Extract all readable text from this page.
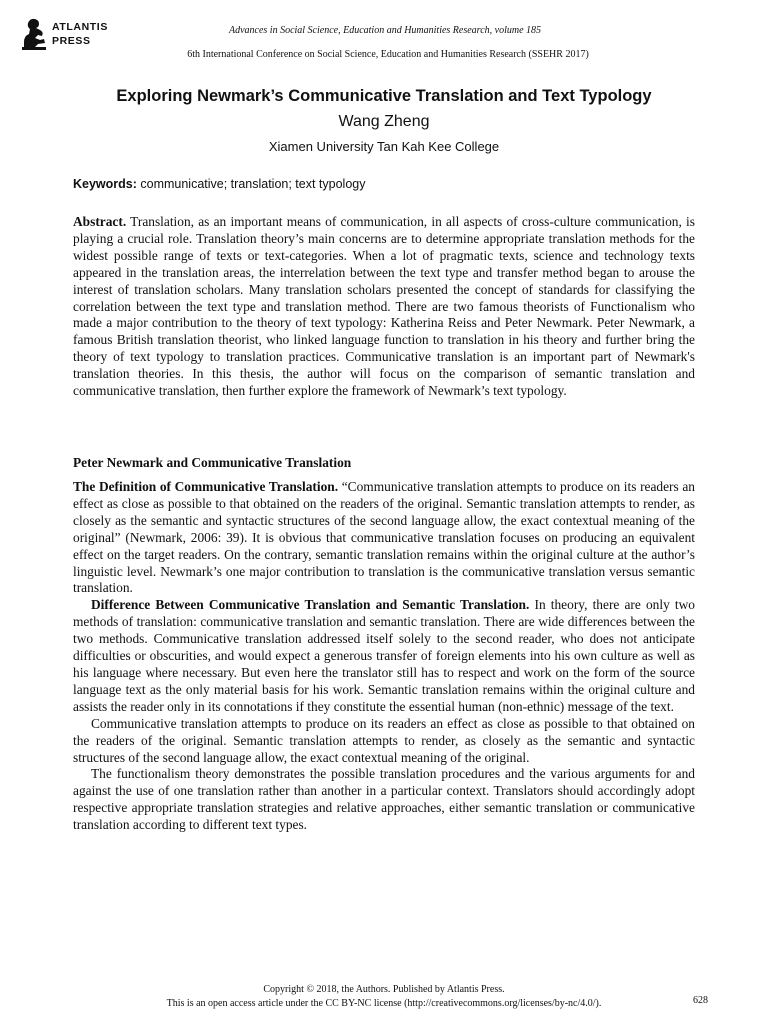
ATLANTIS PRESS
Advances in Social Science, Education and Humanities Research, volume 185
6th International Conference on Social Science, Education and Humanities Research (SSEHR 2017)
Exploring Newmark’s Communicative Translation and Text Typology
Wang Zheng
Xiamen University Tan Kah Kee College
Keywords: communicative; translation; text typology
Abstract. Translation, as an important means of communication, in all aspects of cross-culture communication, is playing a crucial role. Translation theory’s main concerns are to determine appropriate translation methods for the widest possible range of texts or text-categories. When a lot of pragmatic texts, science and technology texts appeared in the translation areas, the interrelation between the text type and transfer method began to arouse the interest of translation scholars. Many translation scholars presented the concept of standards for classifying the correlation between the text type and translation method. There are two famous theorists of Functionalism who made a major contribution to the theory of text typology: Katherina Reiss and Peter Newmark. Peter Newmark, a famous British translation theorist, who linked language function to translation in his theory and further bring the theory of text typology to translation practices. Communicative translation is an important part of Newmark's translation theories. In this thesis, the author will focus on the comparison of semantic translation and communicative translation, then further explore the framework of Newmark’s text typology.
Peter Newmark and Communicative Translation

The Definition of Communicative Translation. “Communicative translation attempts to produce on its readers an effect as close as possible to that obtained on the readers of the original. Semantic translation attempts to render, as closely as the semantic and syntactic structures of the second language allow, the exact contextual meaning of the original” (Newmark, 2006: 39). It is obvious that communicative translation focuses on producing an equivalent effect on the target readers. On the contrary, semantic translation remains within the original culture at the author’s linguistic level. Newmark’s one major contribution to translation is the communicative translation versus semantic translation.

Difference Between Communicative Translation and Semantic Translation. In theory, there are only two methods of translation: communicative translation and semantic translation. There are wide differences between the two methods. Communicative translation addressed itself solely to the second reader, who does not anticipate difficulties or obscurities, and would expect a generous transfer of foreign elements into his own culture as well as his language where necessary. But even here the translator still has to respect and work on the form of the source language text as the only material basis for his work. Semantic translation remains within the original culture and assists the reader only in its connotations if they constitute the essential human (non-ethnic) message of the text.

Communicative translation attempts to produce on its readers an effect as close as possible to that obtained on the readers of the original. Semantic translation attempts to render, as closely as the semantic and syntactic structures of the second language allow, the exact contextual meaning of the original.

The functionalism theory demonstrates the possible translation procedures and the various arguments for and against the use of one translation rather than another in a particular context. Translators should accordingly adopt respective appropriate translation strategies and relative approaches, either semantic translation or communicative translation according to different text types.

Copyright © 2018, the Authors. Published by Atlantis Press.
This is an open access article under the CC BY-NC license (http://creativecommons.org/licenses/by-nc/4.0/).	628
